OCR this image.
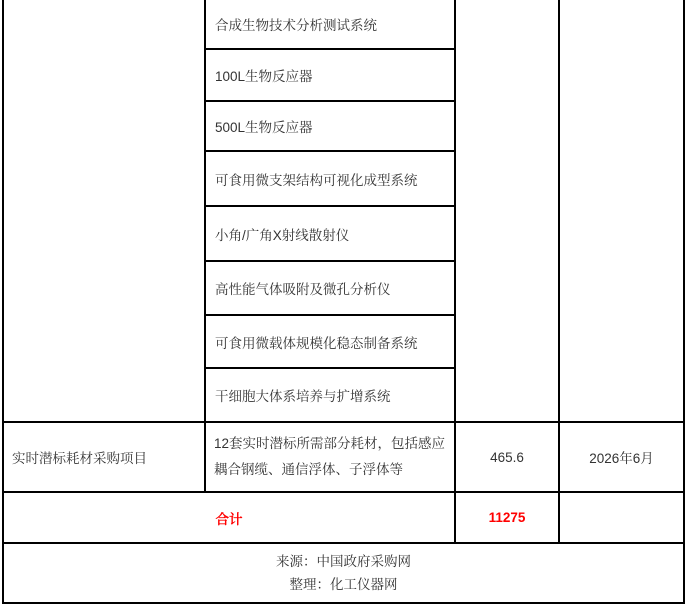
	合成生物技术分析测试系统		
	100L生物反应器		
	500L生物反应器		
	可食用微支架结构可视化成型系统		
	小角/广角X射线散射仪		
	高性能气体吸附及微孔分析仪		
	可食用微载体规模化稳态制备系统		
	干细胞大体系培养与扩增系统		
实时潜标耗材采购项目	12套实时潜标所需部分耗材，包括感应耦合钢缆、通信浮体、子浮体等	465.6	2026年6月
合计		11275	

来源：中国政府采购网
整理：化工仪器网			
